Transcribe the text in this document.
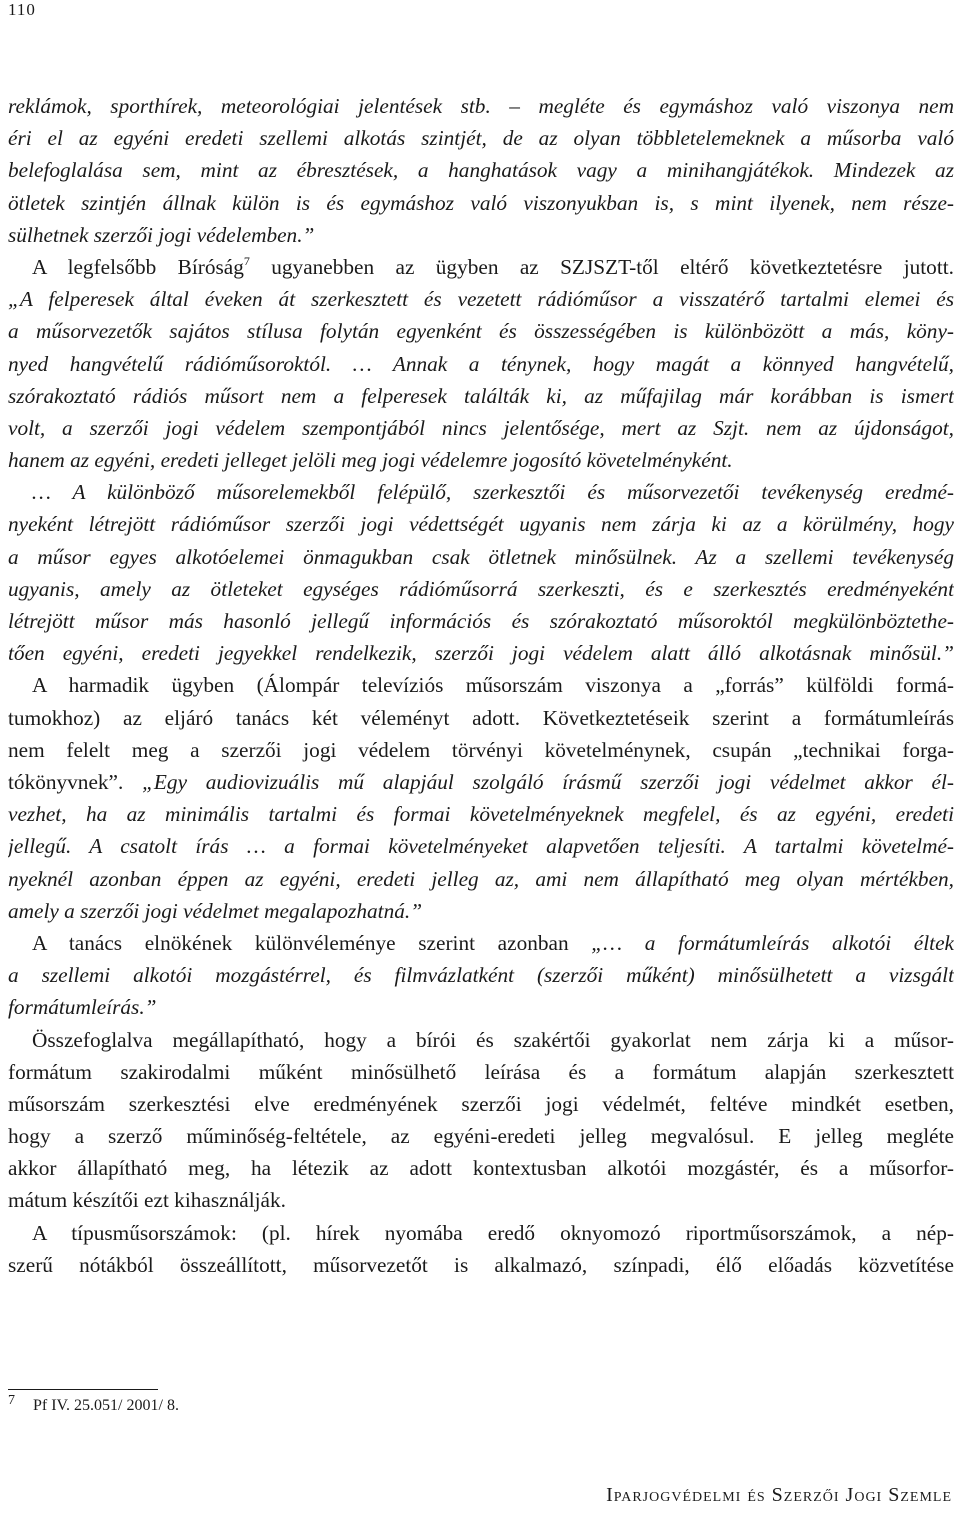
110
reklámok, sporthírek, meteorológiai jelentések stb. – megléte és egymáshoz való viszonya nem
éri el az egyéni eredeti szellemi alkotás szintjét, de az olyan többletelemeknek a műsorba való
belefoglalása sem, mint az ébresztések, a hanghatások vagy a minihangjátékok. Mindezek az
ötletek szintjén állnak külön is és egymáshoz való viszonyukban is, s mint ilyenek, nem része-
sülhetnek szerzői jogi védelemben.”
A legfelsőbb Bíróság$^7$ ugyanebben az ügyben az SZJSZT-től eltérő következtetésre jutott.
„A felperesek által éveken át szerkesztett és vezetett rádióműsor a visszatérő tartalmi elemei és
a műsorvezetők sajátos stílusa folytán egyenként és összességében is különbözött a más, köny-
nyed hangvételű rádióműsoroktól. … Annak a ténynek, hogy magát a könnyed hangvételű,
szórakoztató rádiós műsort nem a felperesek találták ki, az műfajilag már korábban is ismert
volt, a szerzői jogi védelem szempontjából nincs jelentősége, mert az Szjt. nem az újdonságot,
hanem az egyéni, eredeti jelleget jelöli meg jogi védelemre jogosító követelményként.
… A különböző műsorelemekből felépülő, szerkesztői és műsorvezetői tevékenység eredmé-
nyeként létrejött rádióműsor szerzői jogi védettségét ugyanis nem zárja ki az a körülmény, hogy
a műsor egyes alkotóelemei önmagukban csak ötletnek minősülnek. Az a szellemi tevékenység
ugyanis, amely az ötleteket egységes rádióműsorrá szerkeszti, és e szerkesztés eredményeként
létrejött műsor más hasonló jellegű információs és szórakoztató műsoroktól megkülönböztethe-
tően egyéni, eredeti jegyekkel rendelkezik, szerzői jogi védelem alatt álló alkotásnak minősül.”
A harmadik ügyben (Álompár televíziós műsorszám viszonya a „forrás” külföldi formá-
tumokhoz) az eljáró tanács két véleményt adott. Következtetéseik szerint a formátumleírás
nem felelt meg a szerzői jogi védelem törvényi követelménynek, csupán „technikai forga-
tókönyvnek”. „Egy audiovizuális mű alapjául szolgáló írásmű szerzői jogi védelmet akkor él-
vezhet, ha az minimális tartalmi és formai követelményeknek megfelel, és az egyéni, eredeti
jellegű. A csatolt írás … a formai követelményeket alapvetően teljesíti. A tartalmi követelmé-
nyeknél azonban éppen az egyéni, eredeti jelleg az, ami nem állapítható meg olyan mértékben,
amely a szerzői jogi védelmet megalapozhatná.”
A tanács elnökének különvéleménye szerint azonban „… a formátumleírás alkotói éltek
a szellemi alkotói mozgástérrel, és filmvázlatként (szerzői műként) minősülhetett a vizsgált
formátumleírás.”
Összefoglalva megállapítható, hogy a bírói és szakértői gyakorlat nem zárja ki a műsor-
formátum szakirodalmi műként minősülhető leírása és a formátum alapján szerkesztett
műsorszám szerkesztési elve eredményének szerzői jogi védelmét, feltéve mindkét esetben,
hogy a szerző műminőség-feltétele, az egyéni-eredeti jelleg megvalósul. E jelleg megléte
akkor állapítható meg, ha létezik az adott kontextusban alkotói mozgástér, és a műsorfor-
mátum készítői ezt kihasználják.
A típusműsorszámok: (pl. hírek nyomába eredő oknyomozó riportműsorszámok, a nép-
szerű nótákból összeállított, műsorvezetőt is alkalmazó, színpadi, élő előadás közvetítése
7 Pf IV. 25.051/ 2001/ 8.
Iparjogvédelmi és Szerzői Jogi Szemle
